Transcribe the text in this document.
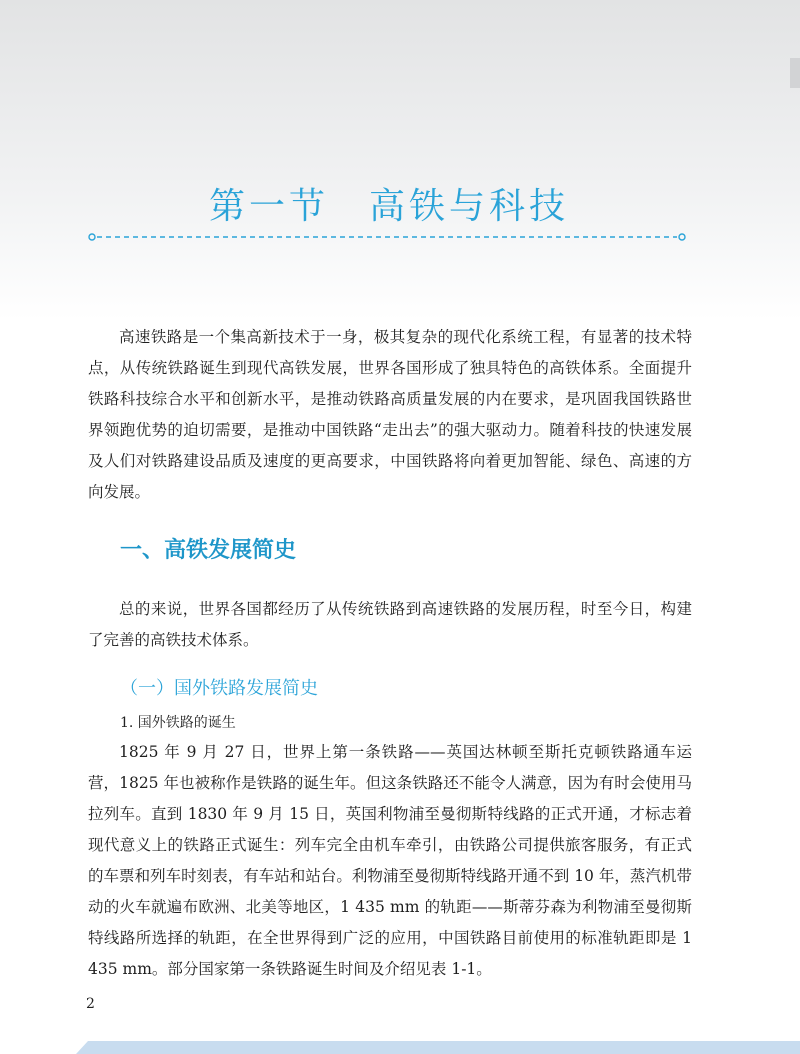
第一节　高铁与科技

高速铁路是一个集高新技术于一身，极其复杂的现代化系统工程，有显著的技术特点，从传统铁路诞生到现代高铁发展，世界各国形成了独具特色的高铁体系。全面提升铁路科技综合水平和创新水平，是推动铁路高质量发展的内在要求，是巩固我国铁路世界领跑优势的迫切需要，是推动中国铁路“走出去”的强大驱动力。随着科技的快速发展及人们对铁路建设品质及速度的更高要求，中国铁路将向着更加智能、绿色、高速的方向发展。

一、高铁发展简史

总的来说，世界各国都经历了从传统铁路到高速铁路的发展历程，时至今日，构建了完善的高铁技术体系。

（一）国外铁路发展简史
1. 国外铁路的诞生

1825 年 9 月 27 日，世界上第一条铁路——英国达林顿至斯托克顿铁路通车运营，1825 年也被称作是铁路的诞生年。但这条铁路还不能令人满意，因为有时会使用马拉列车。直到 1830 年 9 月 15 日，英国利物浦至曼彻斯特线路的正式开通，才标志着现代意义上的铁路正式诞生：列车完全由机车牵引，由铁路公司提供旅客服务，有正式的车票和列车时刻表，有车站和站台。利物浦至曼彻斯特线路开通不到 10 年，蒸汽机带动的火车就遍布欧洲、北美等地区，1 435 mm 的轨距——斯蒂芬森为利物浦至曼彻斯特线路所选择的轨距，在全世界得到广泛的应用，中国铁路目前使用的标准轨距即是 1 435 mm。部分国家第一条铁路诞生时间及介绍见表 1-1。

2
